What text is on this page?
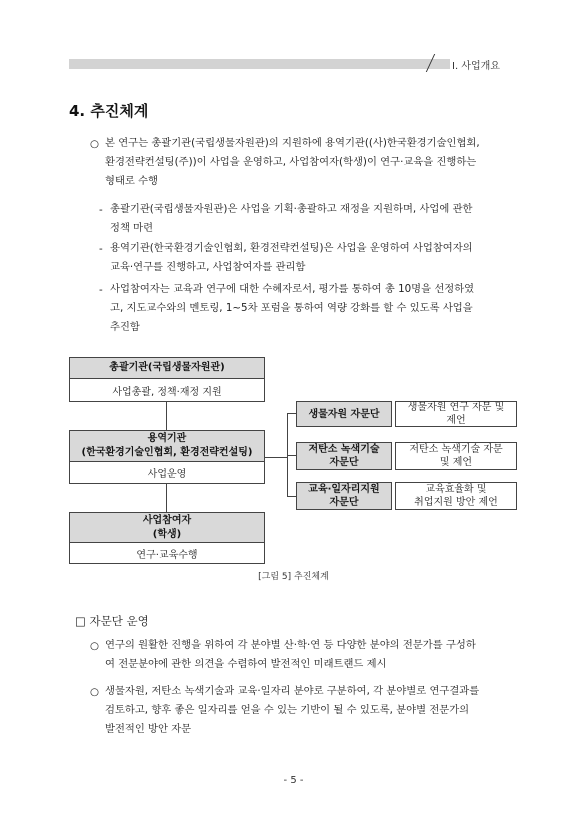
Ⅰ. 사업개요
4. 추진체계
○ 본 연구는 총괄기관(국립생물자원관)의 지원하에 용역기관((사)한국환경기술인협회,
환경전략컨설팅(주))이 사업을 운영하고, 사업참여자(학생)이 연구·교육을 진행하는
형태로 수행
- 총괄기관(국립생물자원관)은 사업을 기획·총괄하고 재정을 지원하며, 사업에 관한
정책 마련
- 용역기관(한국환경기술인협회, 환경전략컨설팅)은 사업을 운영하여 사업참여자의
교육·연구를 진행하고, 사업참여자를 관리함
- 사업참여자는 교육과 연구에 대한 수혜자로서, 평가를 통하여 총 10명을 선정하였
고, 지도교수와의 멘토링, 1~5차 포럼을 통하여 역량 강화를 할 수 있도록 사업을
추진함
총괄기관(국립생물자원관)
사업총괄, 정책·재정 지원
용역기관
(한국환경기술인협회, 환경전략컨설팅)
사업운영
사업참여자
(학생)
연구·교육수행
생물자원 자문단
생물자원 연구 자문 및
제언
저탄소 녹색기술
자문단
저탄소 녹색기술 자문
및 제언
교육·일자리지원
자문단
교육효율화 및
취업지원 방안 제언
[그림 5] 추진체계
□ 자문단 운영
○ 연구의 원활한 진행을 위하여 각 분야별 산·학·연 등 다양한 분야의 전문가를 구성하
여 전문분야에 관한 의견을 수렴하여 발전적인 미래트랜드 제시
○ 생물자원, 저탄소 녹색기술과 교육·일자리 분야로 구분하여, 각 분야별로 연구결과를
검토하고, 향후 좋은 일자리를 얻을 수 있는 기반이 될 수 있도록, 분야별 전문가의
발전적인 방안 자문
- 5 -
